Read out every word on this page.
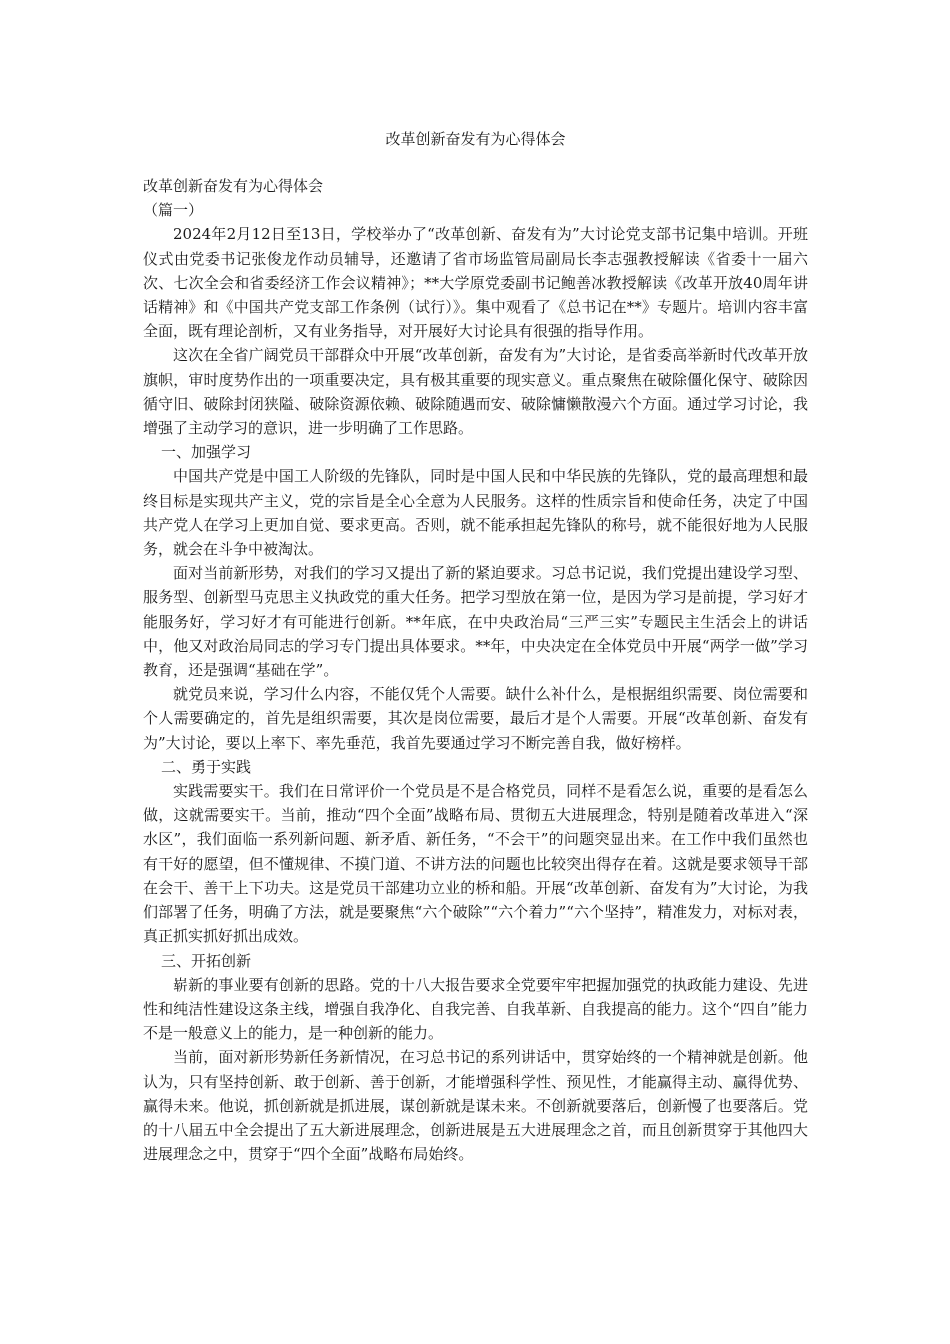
改革创新奋发有为心得体会

改革创新奋发有为心得体会

（篇一）

2024年2月12日至13日，学校举办了“改革创新、奋发有为”大讨论党支部书记集中培训。开班仪式由党委书记张俊龙作动员辅导，还邀请了省市场监管局副局长李志强教授解读《省委十一届六次、七次全会和省委经济工作会议精神》；**大学原党委副书记鲍善冰教授解读《改革开放40周年讲话精神》和《中国共产党支部工作条例（试行）》。集中观看了《总书记在**》专题片。培训内容丰富全面，既有理论剖析，又有业务指导，对开展好大讨论具有很强的指导作用。

这次在全省广阔党员干部群众中开展“改革创新，奋发有为”大讨论，是省委高举新时代改革开放旗帜，审时度势作出的一项重要决定，具有极其重要的现实意义。重点聚焦在破除僵化保守、破除因循守旧、破除封闭狭隘、破除资源依赖、破除随遇而安、破除慵懒散漫六个方面。通过学习讨论，我增强了主动学习的意识，进一步明确了工作思路。

一、加强学习

中国共产党是中国工人阶级的先锋队，同时是中国人民和中华民族的先锋队，党的最高理想和最终目标是实现共产主义，党的宗旨是全心全意为人民服务。这样的性质宗旨和使命任务，决定了中国共产党人在学习上更加自觉、要求更高。否则，就不能承担起先锋队的称号，就不能很好地为人民服务，就会在斗争中被淘汰。

面对当前新形势，对我们的学习又提出了新的紧迫要求。习总书记说，我们党提出建设学习型、服务型、创新型马克思主义执政党的重大任务。把学习型放在第一位，是因为学习是前提，学习好才能服务好，学习好才有可能进行创新。**年底，在中央政治局“三严三实”专题民主生活会上的讲话中，他又对政治局同志的学习专门提出具体要求。**年，中央决定在全体党员中开展“两学一做”学习教育，还是强调“基础在学”。

就党员来说，学习什么内容，不能仅凭个人需要。缺什么补什么，是根据组织需要、岗位需要和个人需要确定的，首先是组织需要，其次是岗位需要，最后才是个人需要。开展“改革创新、奋发有为”大讨论，要以上率下、率先垂范，我首先要通过学习不断完善自我，做好榜样。

二、勇于实践

实践需要实干。我们在日常评价一个党员是不是合格党员，同样不是看怎么说，重要的是看怎么做，这就需要实干。当前，推动“四个全面”战略布局、贯彻五大进展理念，特别是随着改革进入“深水区”，我们面临一系列新问题、新矛盾、新任务，“不会干”的问题突显出来。在工作中我们虽然也有干好的愿望，但不懂规律、不摸门道、不讲方法的问题也比较突出得存在着。这就是要求领导干部在会干、善干上下功夫。这是党员干部建功立业的桥和船。开展“改革创新、奋发有为”大讨论，为我们部署了任务，明确了方法，就是要聚焦“六个破除”“六个着力”“六个坚持”，精准发力，对标对表，真正抓实抓好抓出成效。

三、开拓创新

崭新的事业要有创新的思路。党的十八大报告要求全党要牢牢把握加强党的执政能力建设、先进性和纯洁性建设这条主线，增强自我净化、自我完善、自我革新、自我提高的能力。这个“四自”能力不是一般意义上的能力，是一种创新的能力。

当前，面对新形势新任务新情况，在习总书记的系列讲话中，贯穿始终的一个精神就是创新。他认为，只有坚持创新、敢于创新、善于创新，才能增强科学性、预见性，才能赢得主动、赢得优势、赢得未来。他说，抓创新就是抓进展，谋创新就是谋未来。不创新就要落后，创新慢了也要落后。党的十八届五中全会提出了五大新进展理念，创新进展是五大进展理念之首，而且创新贯穿于其他四大进展理念之中，贯穿于“四个全面”战略布局始终。
